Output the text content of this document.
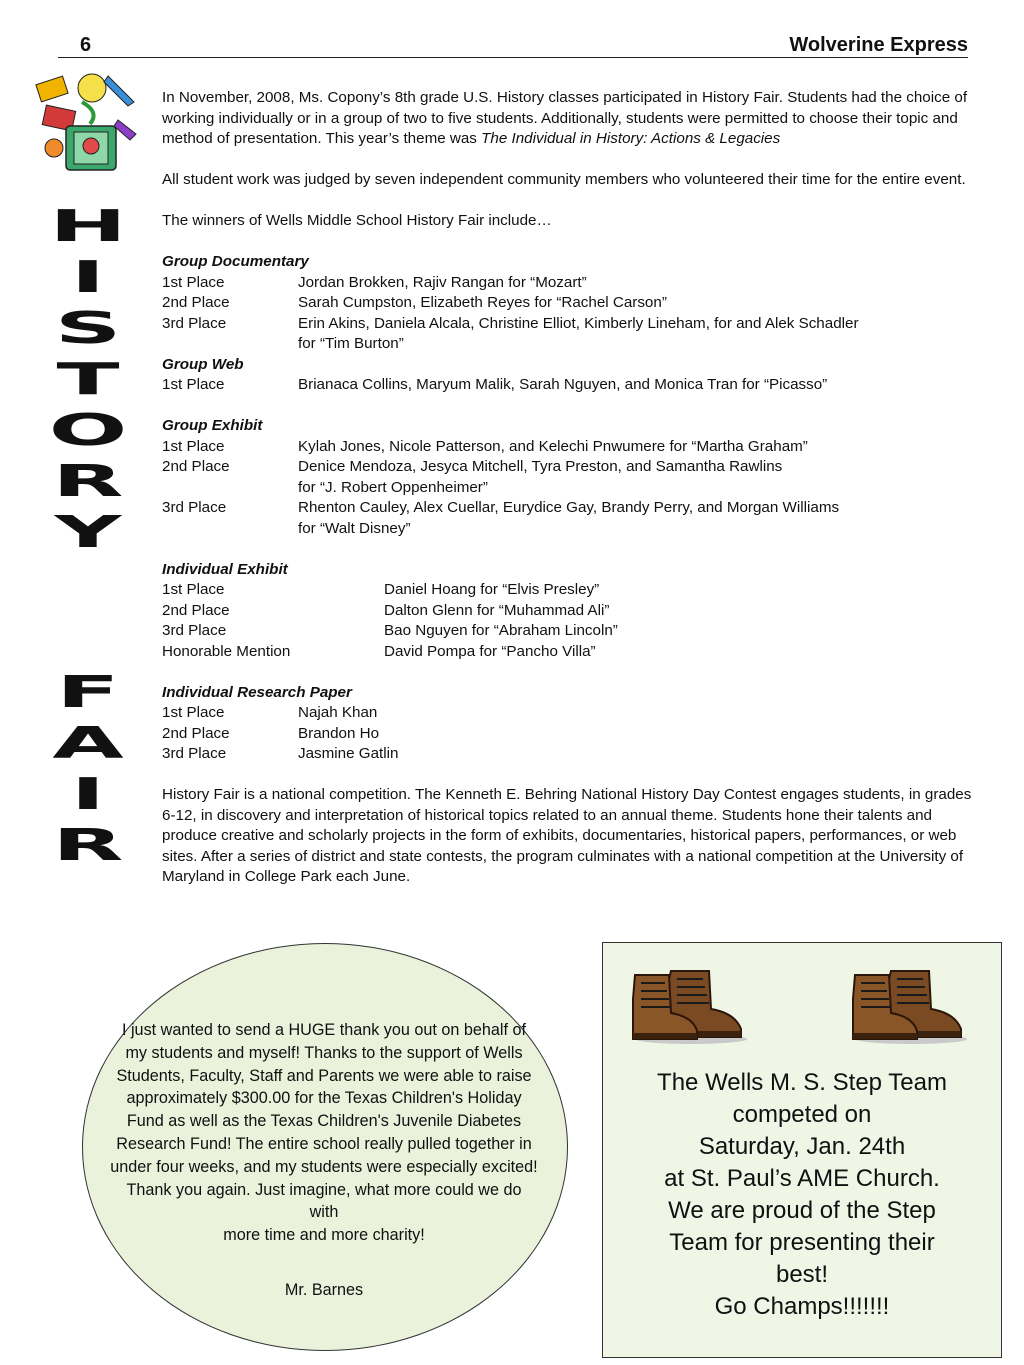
6	Wolverine Express
H
I
S
T
O
R
Y
F
A
I
R

In November, 2008, Ms. Copony’s 8th grade U.S. History classes participated in History Fair. Students had the choice of working individually or in a group of two to five students. Additionally, students were permitted to choose their topic and method of presentation. This year’s theme was The Individual in History: Actions & Legacies

All student work was judged by seven independent community members who volunteered their time for the entire event.

The winners of Wells Middle School History Fair include…

Group Documentary

1st Place	Jordan Brokken, Rajiv Rangan for “Mozart”
2nd Place	Sarah Cumpston, Elizabeth Reyes for “Rachel Carson”
3rd Place	Erin Akins, Daniela Alcala, Christine Elliot, Kimberly Lineham, for and Alek Schadler

for “Tim Burton”

Group Web

1st Place	Brianaca Collins, Maryum Malik, Sarah Nguyen, and Monica Tran for “Picasso”

Group Exhibit

1st Place	Kylah Jones, Nicole Patterson, and Kelechi Pnwumere for “Martha Graham”
2nd Place	Denice Mendoza, Jesyca Mitchell, Tyra Preston, and Samantha Rawlins

for “J. Robert Oppenheimer”

3rd Place	Rhenton Cauley, Alex Cuellar, Eurydice Gay, Brandy Perry, and Morgan Williams

for “Walt Disney”

Individual Exhibit

1st Place	Daniel Hoang for “Elvis Presley”
2nd Place	Dalton Glenn for “Muhammad Ali”
3rd Place	Bao Nguyen for “Abraham Lincoln”
Honorable Mention	David Pompa for “Pancho Villa”

Individual Research Paper

1st Place	Najah Khan
2nd Place	Brandon Ho
3rd Place	Jasmine Gatlin

History Fair is a national competition. The Kenneth E. Behring National History Day Contest engages students, in grades 6-12, in discovery and interpretation of historical topics related to an annual theme. Students hone their talents and produce creative and scholarly projects in the form of exhibits, documentaries, historical papers, performances, or web sites. After a series of district and state contests, the program culminates with a national competition at the University of Maryland in College Park each June.

I just wanted to send a HUGE thank you out on behalf of my students and myself! Thanks to the support of Wells Students, Faculty, Staff and Parents we were able to raise approximately $300.00 for the Texas Children's Holiday Fund as well as the Texas Children's Juvenile Diabetes Research Fund! The entire school really pulled together in under four weeks, and my students were especially excited! Thank you again. Just imagine, what more could we do with
more time and more charity!

Mr. Barnes

The Wells M. S. Step Team
competed on
Saturday, Jan. 24th
at St. Paul’s AME Church.
We are proud of the Step Team for presenting their best!
Go Champs!!!!!!!
